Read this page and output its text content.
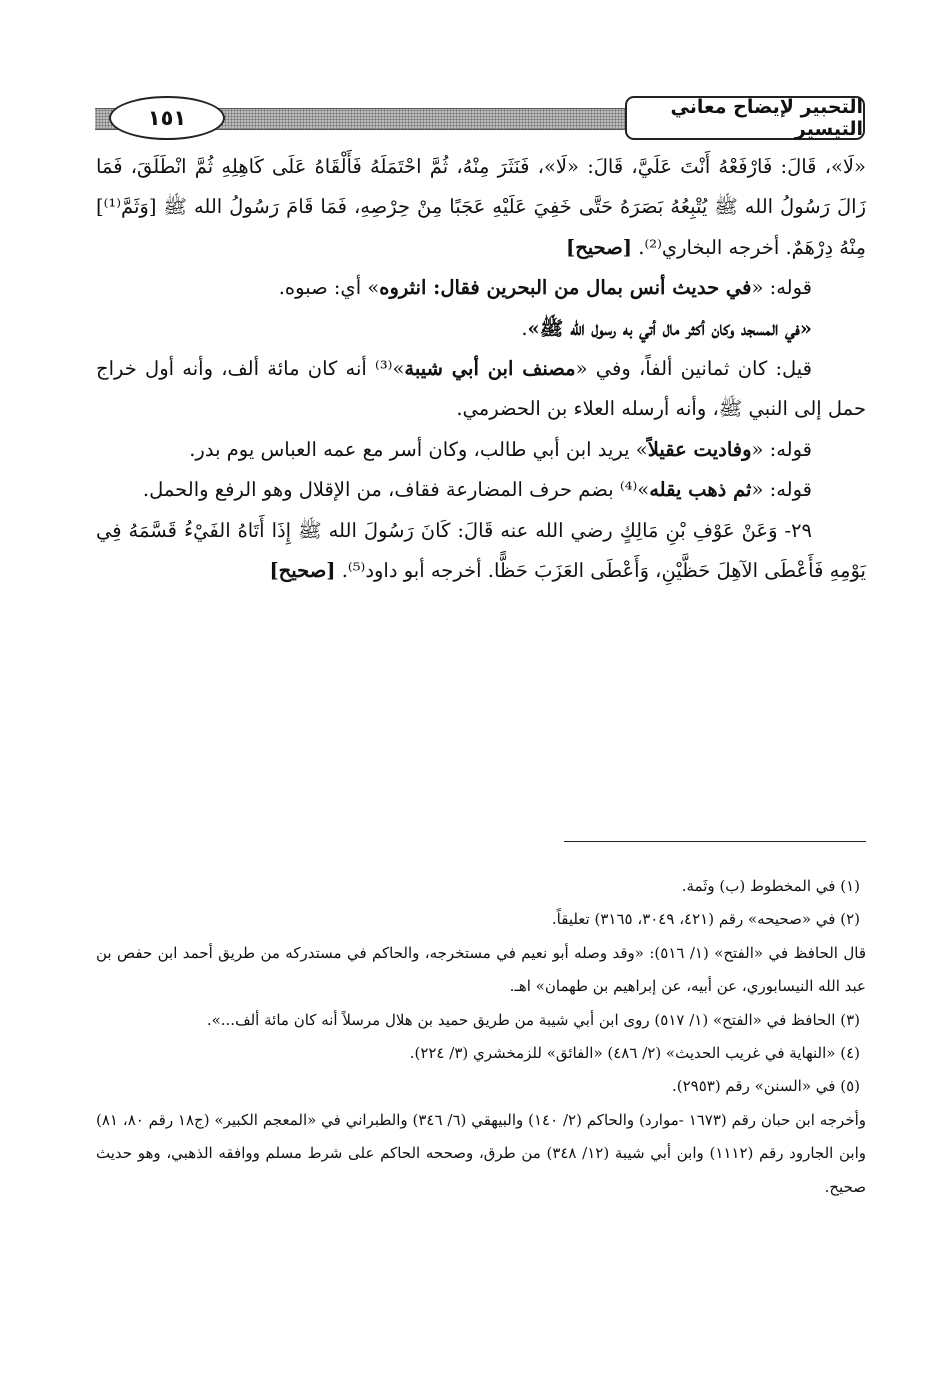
١٥١	التحبير لإيضاح معاني التيسير

«لَا»، قَالَ: فَارْفَعْهُ أَنْتَ عَلَيَّ، قَالَ: «لَا»، فَنَثَرَ مِنْهُ، ثُمَّ احْتَمَلَهُ فَأَلْقَاهُ عَلَى كَاهِلِهِ ثُمَّ انْطَلَقَ، فَمَا زَالَ رَسُولُ الله ﷺ يُتْبِعُهُ بَصَرَهُ حَتَّى خَفِيَ عَلَيْهِ عَجَبًا مِنْ حِرْصِهِ، فَمَا قَامَ رَسُولُ الله ﷺ [وَثَمَّ⁽¹⁾] مِنْهُ دِرْهَمٌ. أخرجه البخاري⁽²⁾. [صحيح]

قوله: «في حديث أنس بمال من البحرين فقال: انثروه» أي: صبوه.

«في المسجد وكان أكثر مال أتي به رسول الله ﷺ».

قيل: كان ثمانين ألفاً، وفي «مصنف ابن أبي شيبة»⁽³⁾ أنه كان مائة ألف، وأنه أول خراج حمل إلى النبي ﷺ، وأنه أرسله العلاء بن الحضرمي.

قوله: «وفاديت عقيلاً» يريد ابن أبي طالب، وكان أسر مع عمه العباس يوم بدر.

قوله: «ثم ذهب يقله»⁽⁴⁾ بضم حرف المضارعة فقاف، من الإقلال وهو الرفع والحمل.

٢٩- وَعَنْ عَوْفِ بْنِ مَالِكٍ رضي الله عنه قَالَ: كَانَ رَسُولَ الله ﷺ إِذَا أَتَاهُ الفَيْءُ قَسَّمَهُ فِي يَوْمِهِ فَأَعْطَى الآهِلَ حَظَّيْنِ، وَأَعْطَى العَزَبَ حَظًّا. أخرجه أبو داود⁽⁵⁾. [صحيح]

(١) في المخطوط (ب) وثَمة.

(٢) في «صحيحه» رقم (٤٢١، ٣٠٤٩، ٣١٦٥) تعليقاً.

قال الحافظ في «الفتح» (١/ ٥١٦): «وقد وصله أبو نعيم في مستخرجه، والحاكم في مستدركه من طريق أحمد ابن حفص بن عبد الله النيسابوري، عن أبيه، عن إبراهيم بن طهمان» اهـ.

(٣) الحافظ في «الفتح» (١/ ٥١٧) روى ابن أبي شيبة من طريق حميد بن هلال مرسلاً أنه كان مائة ألف...».

(٤) «النهاية في غريب الحديث» (٢/ ٤٨٦) «الفائق» للزمخشري (٣/ ٢٢٤).

(٥) في «السنن» رقم (٢٩٥٣).

وأخرجه ابن حبان رقم (١٦٧٣ -موارد) والحاكم (٢/ ١٤٠) والبيهقي (٦/ ٣٤٦) والطبراني في «المعجم الكبير» (ج١٨ رقم ٨٠، ٨١) وابن الجارود رقم (١١١٢) وابن أبي شيبة (١٢/ ٣٤٨) من طرق، وصححه الحاكم على شرط مسلم ووافقه الذهبي، وهو حديث صحيح.
